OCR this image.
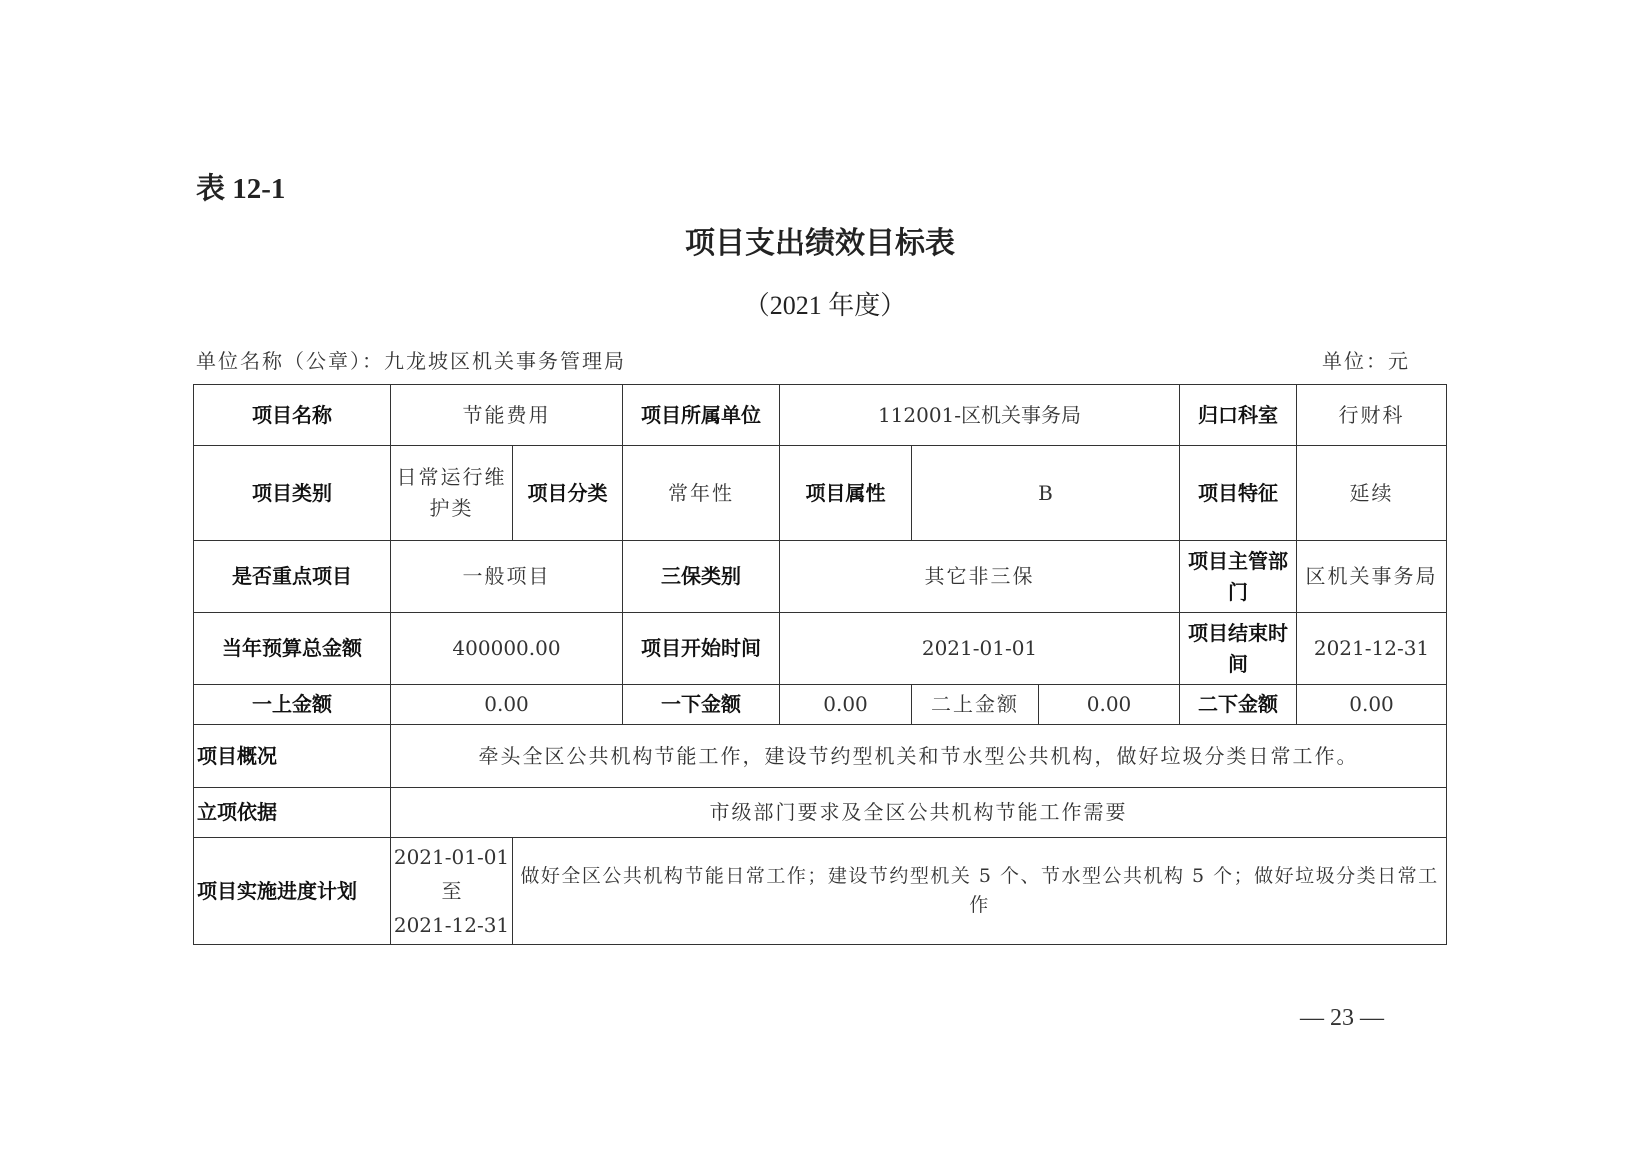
表 12-1
项目支出绩效目标表
（2021 年度）
单位名称（公章）：九龙坡区机关事务管理局	单位：元
项目名称	节能费用		项目所属单位	112001-区机关事务局			归口科室	行财科
项目类别	日常运行维护类	项目分类	常年性	项目属性	B		项目特征	延续
是否重点项目	一般项目		三保类别	其它非三保			项目主管部门	区机关事务局
当年预算总金额	400000.00		项目开始时间	2021-01-01			项目结束时间	2021-12-31
一上金额	0.00		一下金额	0.00	二上金额	0.00	二下金额	0.00
项目概况	牵头全区公共机构节能工作，建设节约型机关和节水型公共机构，做好垃圾分类日常工作。							
立项依据	市级部门要求及全区公共机构节能工作需要							
项目实施进度计划	2021-01-01
至
2021-12-31	做好全区公共机构节能日常工作；建设节约型机关 5 个、节水型公共机构 5 个；做好垃圾分类日常工作						
— 23 —
